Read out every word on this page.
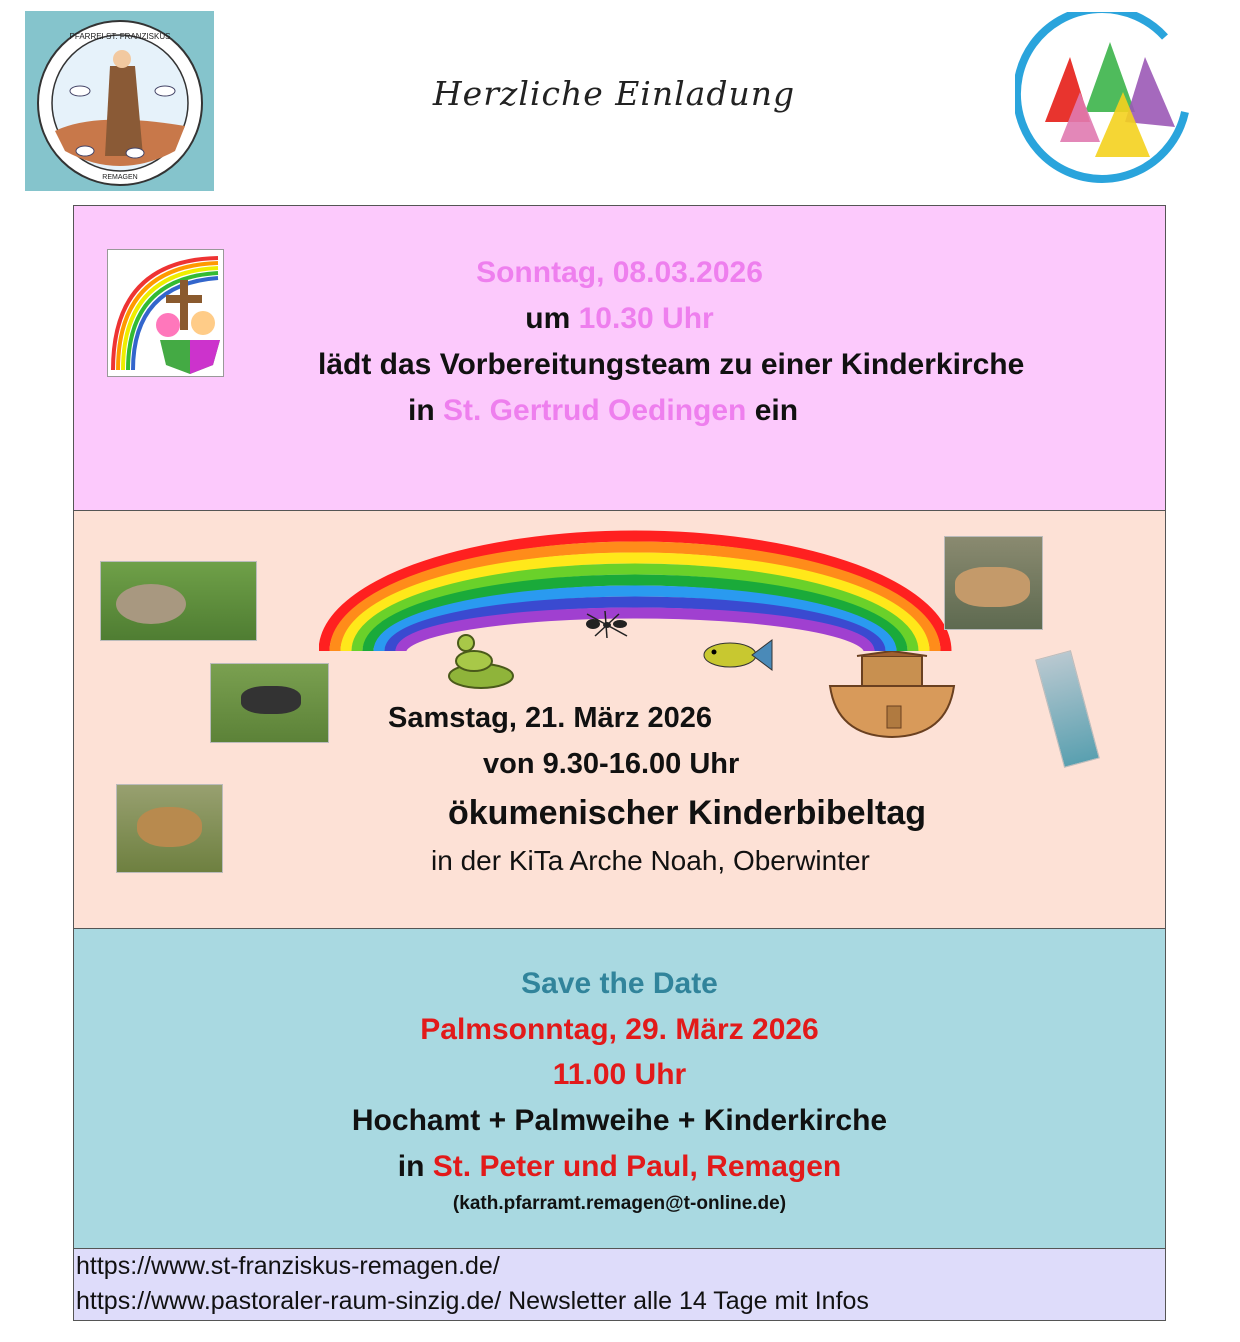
PFARREI ST. FRANZISKUS
REMAGEN
Herzliche Einladung
Sonntag, 08.03.2026
um 10.30 Uhr
lädt das Vorbereitungsteam zu einer Kinderkirche
in St. Gertrud Oedingen ein
Samstag, 21. März 2026
von 9.30-16.00 Uhr
ökumenischer Kinderbibeltag
in der KiTa Arche Noah, Oberwinter
Save the Date
Palmsonntag, 29. März 2026
11.00 Uhr
Hochamt + Palmweihe + Kinderkirche
in St. Peter und Paul, Remagen
(kath.pfarramt.remagen@t-online.de)
https://www.st-franziskus-remagen.de/
https://www.pastoraler-raum-sinzig.de/ Newsletter alle 14 Tage mit Infos
